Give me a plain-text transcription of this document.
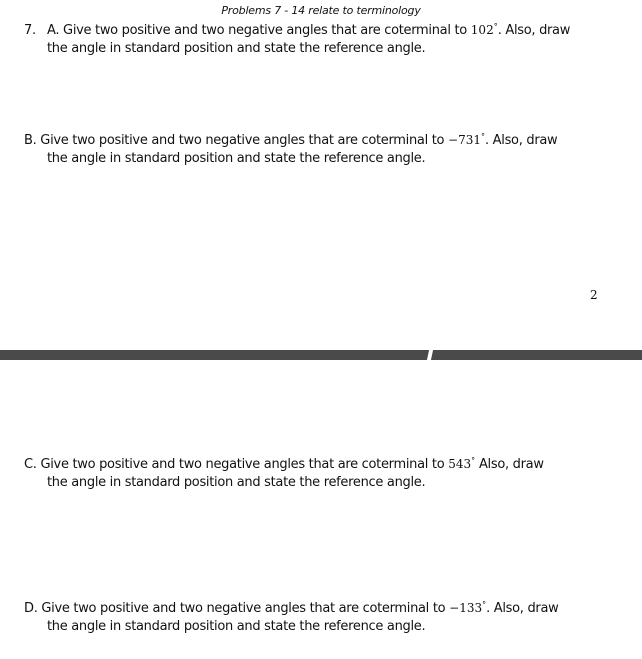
Problems 7 - 14 relate to terminology
7. A. Give two positive and two negative angles that are coterminal to 102°. Also, draw
the angle in standard position and state the reference angle.
B. Give two positive and two negative angles that are coterminal to −731°. Also, draw
the angle in standard position and state the reference angle.
2
C. Give two positive and two negative angles that are coterminal to 543° Also, draw
the angle in standard position and state the reference angle.
D. Give two positive and two negative angles that are coterminal to −133°. Also, draw
the angle in standard position and state the reference angle.
